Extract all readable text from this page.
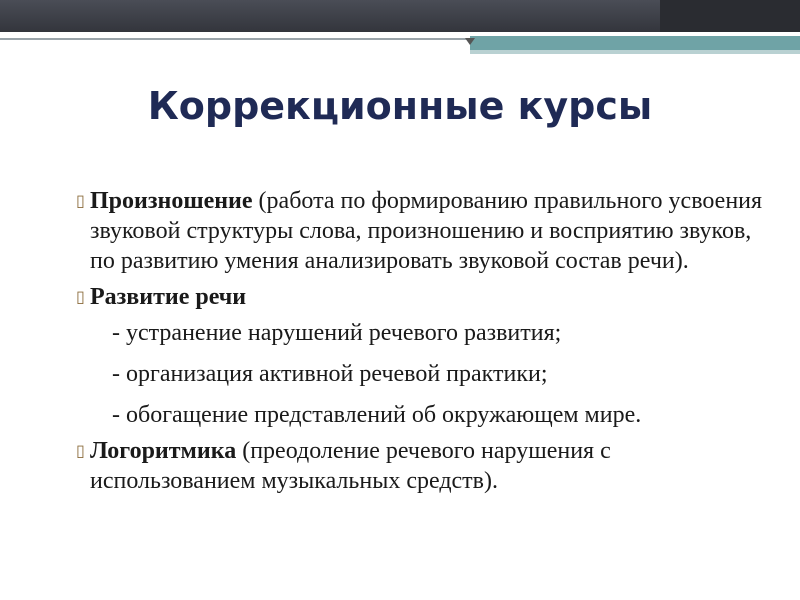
Коррекционные курсы
▯ Произношение (работа по формированию правильного усвоения звуковой структуры слова, произношению и восприятию звуков, по развитию умения анализировать звуковой состав речи).
▯ Развитие речи
- устранение нарушений речевого развития;
- организация активной речевой практики;
- обогащение представлений об окружающем мире.
▯ Логоритмика (преодоление речевого нарушения с использованием музыкальных средств).
